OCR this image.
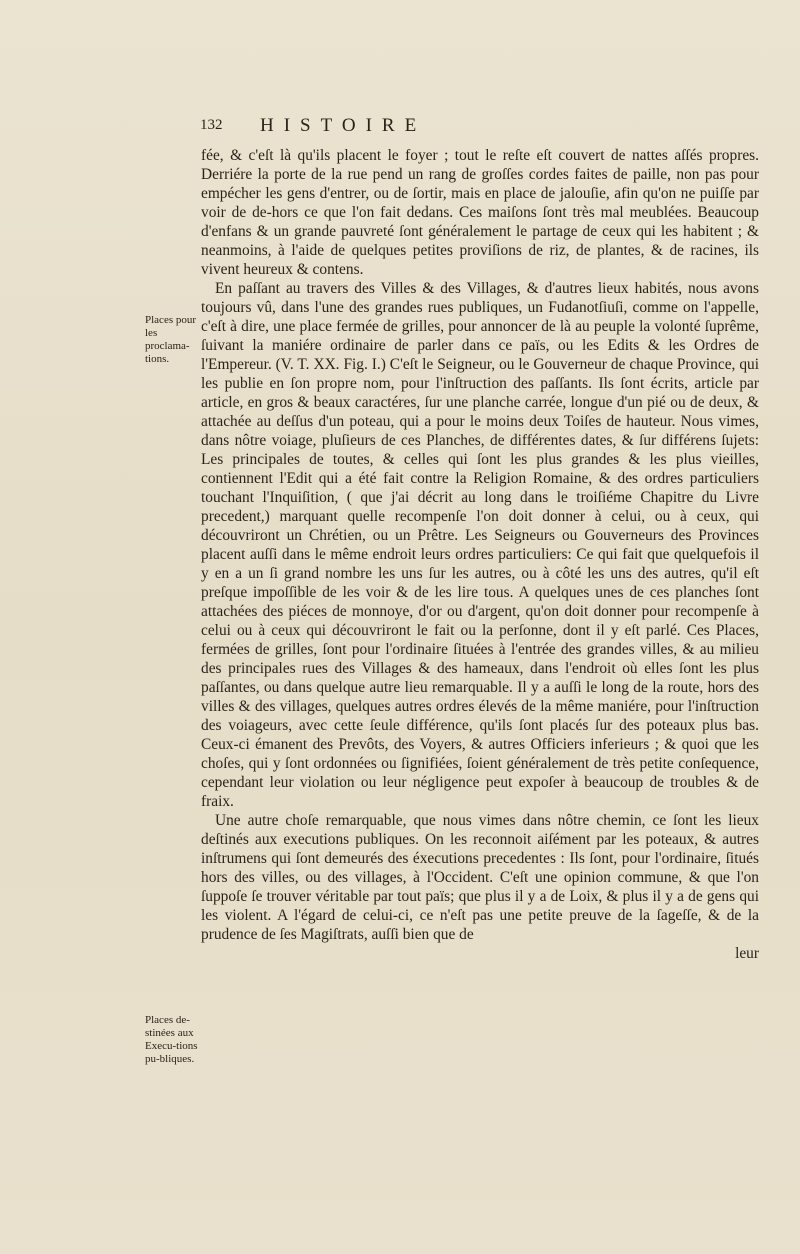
132 HISTOIRE
Places pour les proclama-tions.
Places de-stinées aux Execu-tions pu-bliques.

fée, & c'eſt là qu'ils placent le foyer ; tout le reſte eſt couvert de nattes aſſés propres. Derriére la porte de la rue pend un rang de groſſes cordes faites de paille, non pas pour empécher les gens d'entrer, ou de ſortir, mais en place de jalouſie, afin qu'on ne puiſſe par voir de de-hors ce que l'on fait dedans. Ces maiſons ſont très mal meublées. Beaucoup d'enfans & un grande pauvreté ſont généralement le partage de ceux qui les habitent ; & neanmoins, à l'aide de quelques petites proviſions de riz, de plantes, & de racines, ils vivent heureux & contens.

En paſſant au travers des Villes & des Villages, & d'autres lieux habités, nous avons toujours vû, dans l'une des grandes rues publiques, un Fudanotſiuſi, comme on l'appelle, c'eſt à dire, une place fermée de grilles, pour annoncer de là au peuple la volonté ſuprême, ſuivant la maniére ordinaire de parler dans ce païs, ou les Edits & les Ordres de l'Empereur. (V. T. XX. Fig. I.) C'eſt le Seigneur, ou le Gouverneur de chaque Province, qui les publie en ſon propre nom, pour l'inſtruction des paſſants. Ils ſont écrits, article par article, en gros & beaux caractéres, ſur une planche carrée, longue d'un pié ou de deux, & attachée au deſſus d'un poteau, qui a pour le moins deux Toiſes de hauteur. Nous vimes, dans nôtre voiage, pluſieurs de ces Planches, de différentes dates, & ſur différens ſujets: Les principales de toutes, & celles qui ſont les plus grandes & les plus vieilles, contiennent l'Edit qui a été fait contre la Religion Romaine, & des ordres particuliers touchant l'Inquiſition, ( que j'ai décrit au long dans le troiſiéme Chapitre du Livre precedent,) marquant quelle recompenſe l'on doit donner à celui, ou à ceux, qui découvriront un Chrétien, ou un Prêtre. Les Seigneurs ou Gouverneurs des Provinces placent auſſi dans le même endroit leurs ordres particuliers: Ce qui fait que quelquefois il y en a un ſi grand nombre les uns ſur les autres, ou à côté les uns des autres, qu'il eſt preſque impoſſible de les voir & de les lire tous. A quelques unes de ces planches ſont attachées des piéces de monnoye, d'or ou d'argent, qu'on doit donner pour recompenſe à celui ou à ceux qui découvriront le fait ou la perſonne, dont il y eſt parlé. Ces Places, fermées de grilles, ſont pour l'ordinaire ſituées à l'entrée des grandes villes, & au milieu des principales rues des Villages & des hameaux, dans l'endroit où elles ſont les plus paſſantes, ou dans quelque autre lieu remarquable. Il y a auſſi le long de la route, hors des villes & des villages, quelques autres ordres élevés de la même maniére, pour l'inſtruction des voiageurs, avec cette ſeule différence, qu'ils ſont placés ſur des poteaux plus bas. Ceux-ci émanent des Prevôts, des Voyers, & autres Officiers inferieurs ; & quoi que les choſes, qui y ſont ordonnées ou ſignifiées, ſoient généralement de très petite conſequence, cependant leur violation ou leur négligence peut expoſer à beaucoup de troubles & de fraix.

Une autre choſe remarquable, que nous vimes dans nôtre chemin, ce ſont les lieux deſtinés aux executions publiques. On les reconnoit aiſément par les poteaux, & autres inſtrumens qui ſont demeurés des éxecutions precedentes : Ils ſont, pour l'ordinaire, ſitués hors des villes, ou des villages, à l'Occident. C'eſt une opinion commune, & que l'on ſuppoſe ſe trouver véritable par tout païs; que plus il y a de Loix, & plus il y a de gens qui les violent. A l'égard de celui-ci, ce n'eſt pas une petite preuve de la ſageſſe, & de la prudence de ſes Magiſtrats, auſſi bien que de

leur
